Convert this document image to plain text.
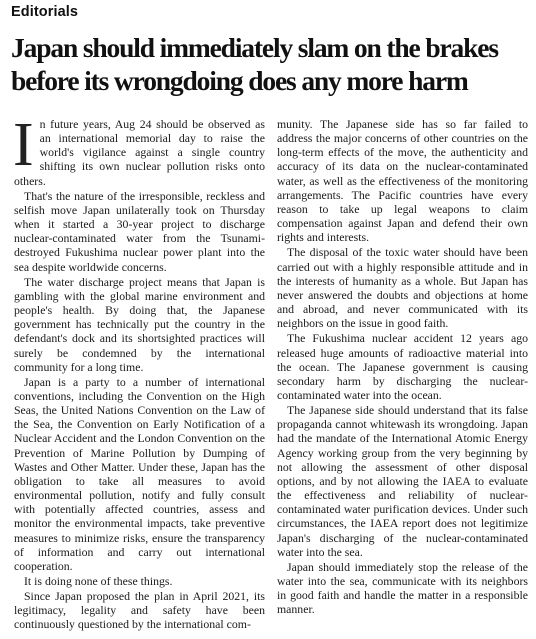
Editorials
Japan should immediately slam on the brakes
before its wrongdoing does any more harm

In future years, Aug 24 should be observed as an international memorial day to raise the world's vigilance against a single country shifting its own nuclear pollution risks onto others.

That's the nature of the irresponsible, reckless and selfish move Japan unilaterally took on Thursday when it started a 30-year project to discharge nuclear-contaminated water from the Tsunami-destroyed Fukushima nuclear power plant into the sea despite worldwide concerns.

The water discharge project means that Japan is gambling with the global marine environment and people's health. By doing that, the Japanese government has technically put the country in the defendant's dock and its shortsighted practices will surely be condemned by the international community for a long time.

Japan is a party to a number of international conventions, including the Convention on the High Seas, the United Nations Convention on the Law of the Sea, the Convention on Early Notification of a Nuclear Accident and the London Convention on the Prevention of Marine Pollution by Dumping of Wastes and Other Matter. Under these, Japan has the obligation to take all measures to avoid environmental pollution, notify and fully consult with potentially affected countries, assess and monitor the environmental impacts, take preventive measures to minimize risks, ensure the transparency of information and carry out international cooperation.

It is doing none of these things.

Since Japan proposed the plan in April 2021, its legitimacy, legality and safety have been continuously questioned by the international com-

munity. The Japanese side has so far failed to address the major concerns of other countries on the long-term effects of the move, the authenticity and accuracy of its data on the nuclear-contaminated water, as well as the effectiveness of the monitoring arrangements. The Pacific countries have every reason to take up legal weapons to claim compensation against Japan and defend their own rights and interests.

The disposal of the toxic water should have been carried out with a highly responsible attitude and in the interests of humanity as a whole. But Japan has never answered the doubts and objections at home and abroad, and never communicated with its neighbors on the issue in good faith.

The Fukushima nuclear accident 12 years ago released huge amounts of radioactive material into the ocean. The Japanese government is causing secondary harm by discharging the nuclear-contaminated water into the ocean.

The Japanese side should understand that its false propaganda cannot whitewash its wrongdoing. Japan had the mandate of the International Atomic Energy Agency working group from the very beginning by not allowing the assessment of other disposal options, and by not allowing the IAEA to evaluate the effectiveness and reliability of nuclear-contaminated water purification devices. Under such circumstances, the IAEA report does not legitimize Japan's discharging of the nuclear-contaminated water into the sea.

Japan should immediately stop the release of the water into the sea, communicate with its neighbors in good faith and handle the matter in a responsible manner.
